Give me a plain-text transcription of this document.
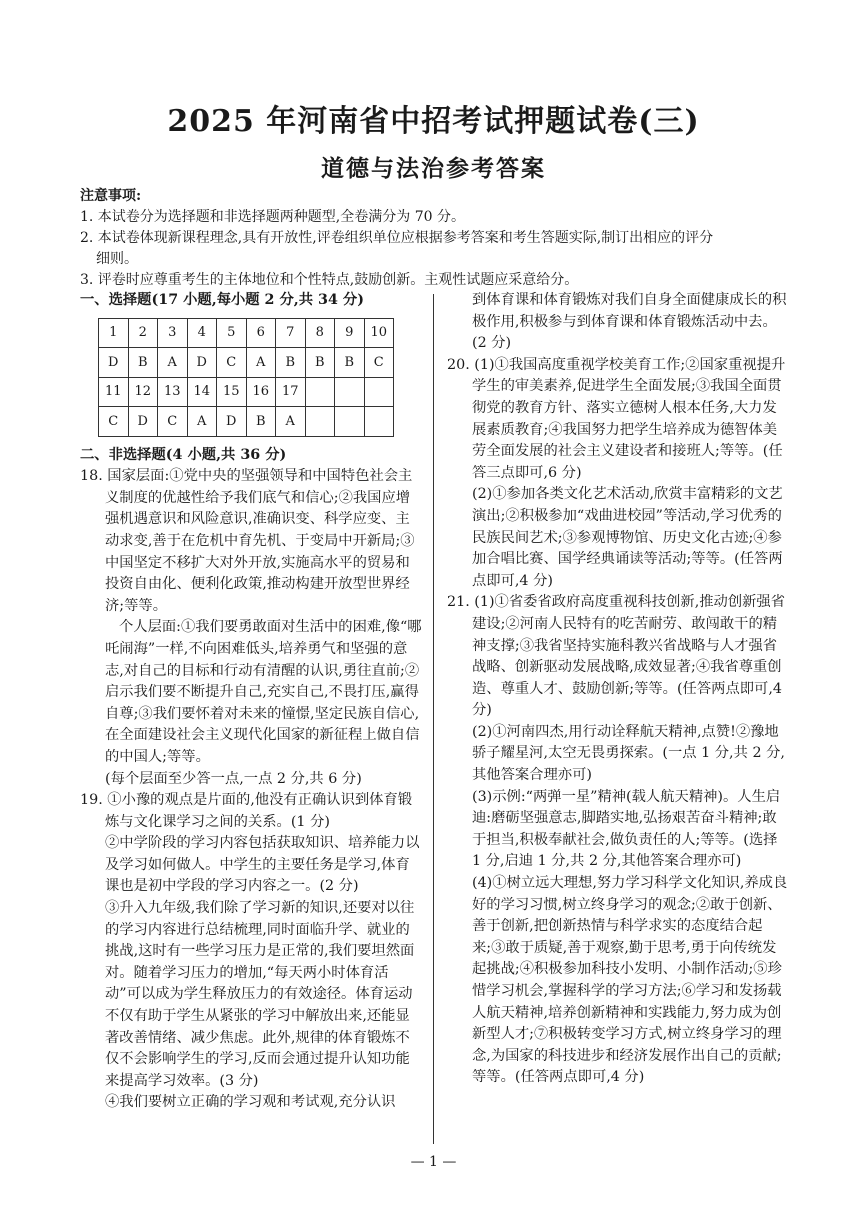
2025 年河南省中招考试押题试卷(三)
道德与法治参考答案

注意事项:

1. 本试卷分为选择题和非选择题两种题型,全卷满分为 70 分。

2. 本试卷体现新课程理念,具有开放性,评卷组织单位应根据参考答案和考生答题实际,制订出相应的评分

细则。

3. 评卷时应尊重考生的主体地位和个性特点,鼓励创新。主观性试题应采意给分。

一、选择题(17 小题,每小题 2 分,共 34 分)

1	2	3	4	5	6	7	8	9	10
D	B	A	D	C	A	B	B	B	C
11	12	13	14	15	16	17			
C	D	C	A	D	B	A			

二、非选择题(4 小题,共 36 分)

18. 国家层面:①党中央的坚强领导和中国特色社会主义制度的优越性给予我们底气和信心;②我国应增强机遇意识和风险意识,准确识变、科学应变、主动求变,善于在危机中育先机、于变局中开新局;③中国坚定不移扩大对外开放,实施高水平的贸易和投资自由化、便利化政策,推动构建开放型世界经济;等等。

个人层面:①我们要勇敢面对生活中的困难,像“哪吒闹海”一样,不向困难低头,培养勇气和坚强的意志,对自己的目标和行动有清醒的认识,勇往直前;②启示我们要不断提升自己,充实自己,不畏打压,赢得自尊;③我们要怀着对未来的憧憬,坚定民族自信心,在全面建设社会主义现代化国家的新征程上做自信的中国人;等等。

(每个层面至少答一点,一点 2 分,共 6 分)

19. ①小豫的观点是片面的,他没有正确认识到体育锻炼与文化课学习之间的关系。(1 分)

②中学阶段的学习内容包括获取知识、培养能力以及学习如何做人。中学生的主要任务是学习,体育课也是初中学段的学习内容之一。(2 分)

③升入九年级,我们除了学习新的知识,还要对以往的学习内容进行总结梳理,同时面临升学、就业的挑战,这时有一些学习压力是正常的,我们要坦然面对。随着学习压力的增加,“每天两小时体育活动”可以成为学生释放压力的有效途径。体育运动不仅有助于学生从紧张的学习中解放出来,还能显著改善情绪、减少焦虑。此外,规律的体育锻炼不仅不会影响学生的学习,反而会通过提升认知功能来提高学习效率。(3 分)

④我们要树立正确的学习观和考试观,充分认识

到体育课和体育锻炼对我们自身全面健康成长的积极作用,积极参与到体育课和体育锻炼活动中去。(2 分)

20. (1)①我国高度重视学校美育工作;②国家重视提升学生的审美素养,促进学生全面发展;③我国全面贯彻党的教育方针、落实立德树人根本任务,大力发展素质教育;④我国努力把学生培养成为德智体美劳全面发展的社会主义建设者和接班人;等等。(任答三点即可,6 分)

(2)①参加各类文化艺术活动,欣赏丰富精彩的文艺演出;②积极参加“戏曲进校园”等活动,学习优秀的民族民间艺术;③参观博物馆、历史文化古迹;④参加合唱比赛、国学经典诵读等活动;等等。(任答两点即可,4 分)

21. (1)①省委省政府高度重视科技创新,推动创新强省建设;②河南人民特有的吃苦耐劳、敢闯敢干的精神支撑;③我省坚持实施科教兴省战略与人才强省战略、创新驱动发展战略,成效显著;④我省尊重创造、尊重人才、鼓励创新;等等。(任答两点即可,4 分)

(2)①河南四杰,用行动诠释航天精神,点赞!②豫地骄子耀星河,太空无畏勇探索。(一点 1 分,共 2 分,其他答案合理亦可)

(3)示例:“两弹一星”精神(载人航天精神)。人生启迪:磨砺坚强意志,脚踏实地,弘扬艰苦奋斗精神;敢于担当,积极奉献社会,做负责任的人;等等。(选择 1 分,启迪 1 分,共 2 分,其他答案合理亦可)

(4)①树立远大理想,努力学习科学文化知识,养成良好的学习习惯,树立终身学习的观念;②敢于创新、善于创新,把创新热情与科学求实的态度结合起来;③敢于质疑,善于观察,勤于思考,勇于向传统发起挑战;④积极参加科技小发明、小制作活动;⑤珍惜学习机会,掌握科学的学习方法;⑥学习和发扬载人航天精神,培养创新精神和实践能力,努力成为创新型人才;⑦积极转变学习方式,树立终身学习的理念,为国家的科技进步和经济发展作出自己的贡献;等等。(任答两点即可,4 分)

— 1 —
